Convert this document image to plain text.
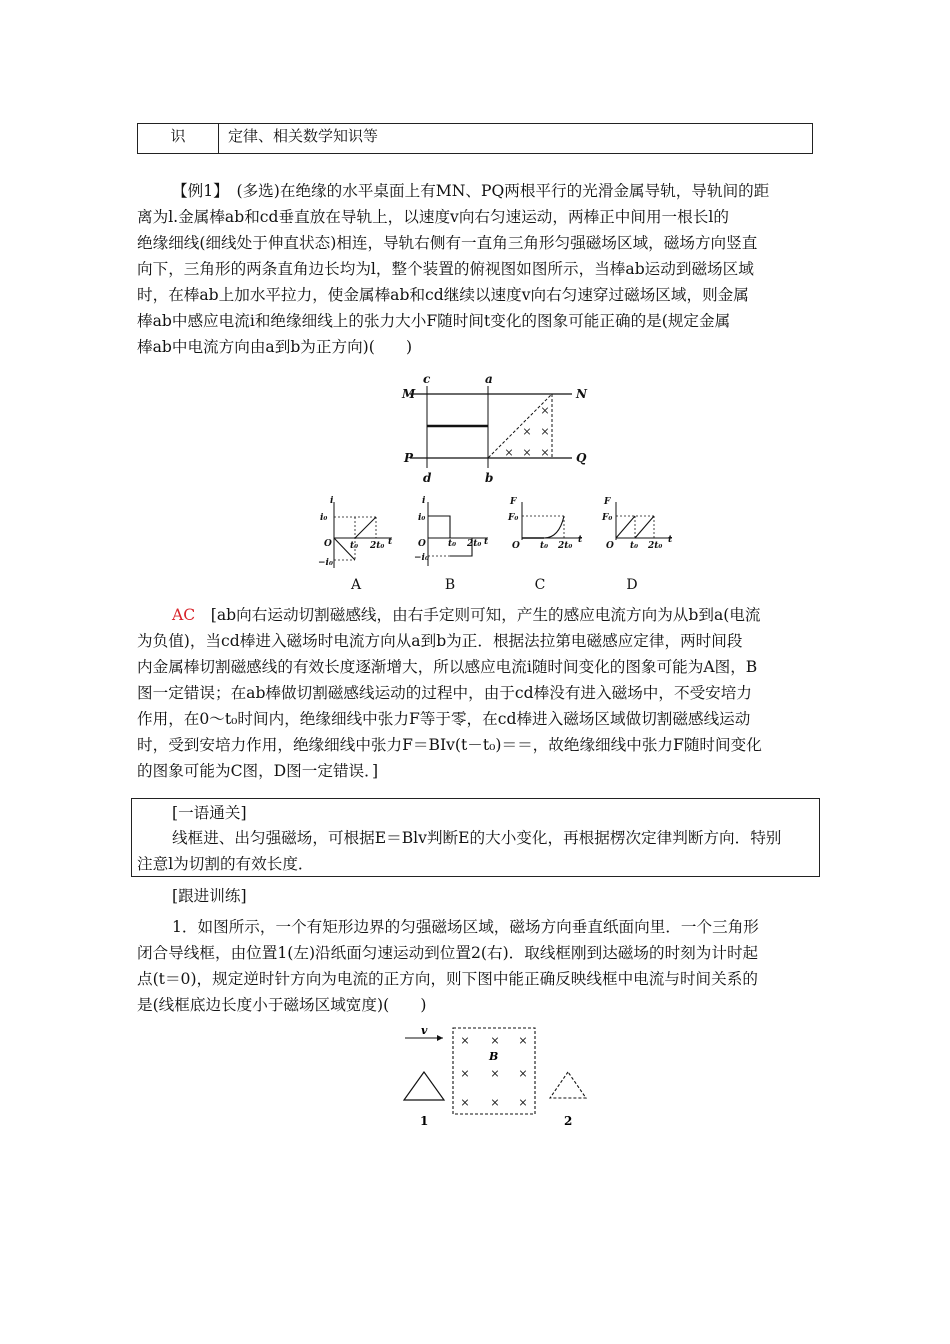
识	定律、相关数学知识等
【例1】　(多选)在绝缘的水平桌面上有MN、PQ两根平行的光滑金属导轨，导轨间的距
离为l.金属棒ab和cd垂直放在导轨上，以速度v向右匀速运动，两棒正中间用一根长l的
绝缘细线(细线处于伸直状态)相连，导轨右侧有一直角三角形匀强磁场区域，磁场方向竖直
向下，三角形的两条直角边长均为l，整个装置的俯视图如图所示，当棒ab运动到磁场区域
时，在棒ab上加水平拉力，使金属棒ab和cd继续以速度v向右匀速穿过磁场区域，则金属
棒ab中感应电流i和绝缘细线上的张力大小F随时间t变化的图象可能正确的是(规定金属
棒ab中电流方向由a到b为正方向)(　　)
×
× ×
× × ×
M	N
P	Q
c	a
d	b
i
i₀
−i₀
O t₀ 2t₀ t
i
i₀
−i₀
O t₀ 2t₀ t
F
F₀
O t₀ 2t₀
t
F
F₀
O t₀ 2t₀
t
A	B	C	D
AC  [ab向右运动切割磁感线，由右手定则可知，产生的感应电流方向为从b到a(电流
为负值)，当cd棒进入磁场时电流方向从a到b为正．根据法拉第电磁感应定律，两时间段
内金属棒切割磁感线的有效长度逐渐增大，所以感应电流i随时间变化的图象可能为A图，B
图一定错误；在ab棒做切割磁感线运动的过程中，由于cd棒没有进入磁场中，不受安培力
作用，在0～t₀时间内，绝缘细线中张力F等于零，在cd棒进入磁场区域做切割磁感线运动
时，受到安培力作用，绝缘细线中张力F＝BIv(t－t₀)＝＝，故绝缘细线中张力F随时间变化
的图象可能为C图，D图一定错误．]
[一语通关]
线框进、出匀强磁场，可根据E＝Blv判断E的大小变化，再根据楞次定律判断方向．特别
注意l为切割的有效长度．
[跟进训练]
1．如图所示，一个有矩形边界的匀强磁场区域，磁场方向垂直纸面向里．一个三角形
闭合导线框，由位置1(左)沿纸面匀速运动到位置2(右)．取线框刚到达磁场的时刻为计时起
点(t＝0)，规定逆时针方向为电流的正方向，则下图中能正确反映线框中电流与时间关系的
是(线框底边长度小于磁场区域宽度)(　　)
v
B
× × ×
× × ×
× × ×
1	2
